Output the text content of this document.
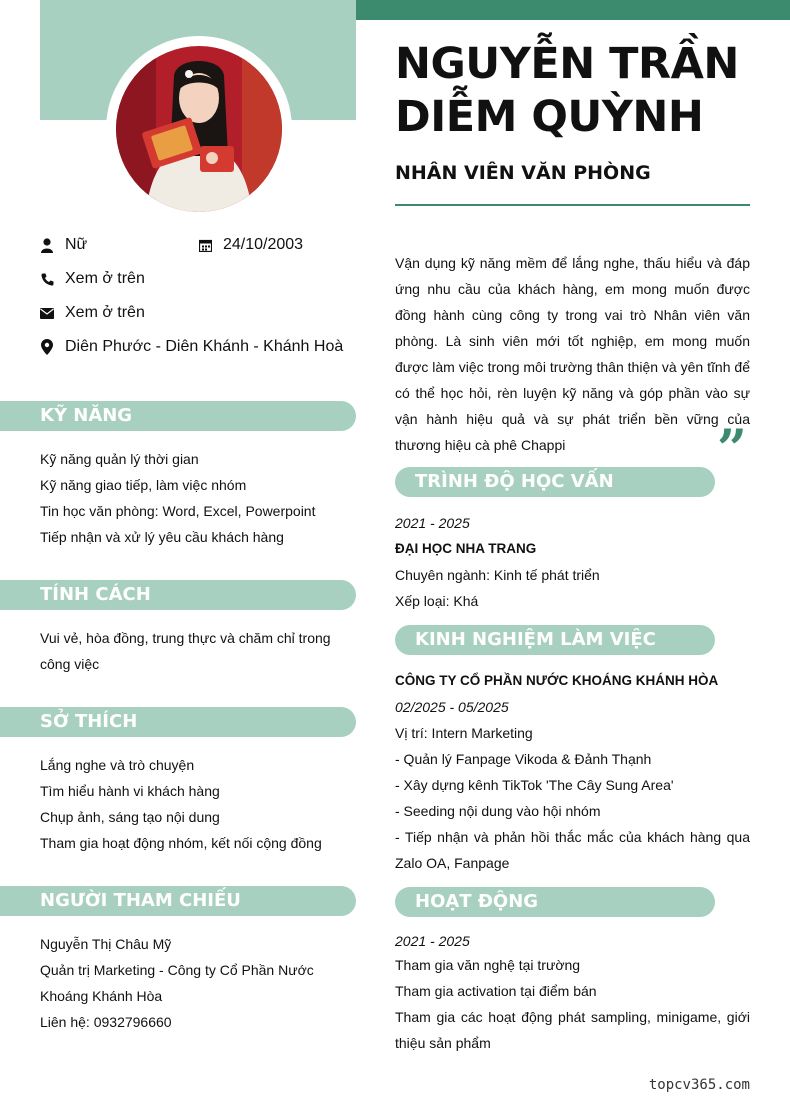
NGUYỄN TRẦN
DIỄM QUỲNH
NHÂN VIÊN VĂN PHÒNG
Nữ	24/10/2003
Xem ở trên
Xem ở trên
Diên Phước - Diên Khánh - Khánh Hoà
KỸ NĂNG
Kỹ năng quản lý thời gian
Kỹ năng giao tiếp, làm việc nhóm
Tin học văn phòng: Word, Excel, Powerpoint
Tiếp nhận và xử lý yêu cầu khách hàng
TÍNH CÁCH
Vui vẻ, hòa đồng, trung thực và chăm chỉ trong công việc
SỞ THÍCH
Lắng nghe và trò chuyện
Tìm hiểu hành vi khách hàng
Chụp ảnh, sáng tạo nội dung
Tham gia hoạt động nhóm, kết nối cộng đồng
NGƯỜI THAM CHIẾU
Nguyễn Thị Châu Mỹ
Quản trị Marketing - Công ty Cổ Phần Nước Khoáng Khánh Hòa
Liên hệ: 0932796660
Vận dụng kỹ năng mềm để lắng nghe, thấu hiểu và đáp ứng nhu cầu của khách hàng, em mong muốn được đồng hành cùng công ty trong vai trò Nhân viên văn phòng. Là sinh viên mới tốt nghiệp, em mong muốn được làm việc trong môi trường thân thiện và yên tĩnh để có thể học hỏi, rèn luyện kỹ năng và góp phần vào sự vận hành hiệu quả và sự phát triển bền vững của thương hiệu cà phê Chappi	”
TRÌNH ĐỘ HỌC VẤN
2021 - 2025
ĐẠI HỌC NHA TRANG
Chuyên ngành: Kinh tế phát triển
Xếp loại: Khá
KINH NGHIỆM LÀM VIỆC
CÔNG TY CỔ PHẦN NƯỚC KHOÁNG KHÁNH HÒA
02/2025 - 05/2025
Vị trí: Intern Marketing
- Quản lý Fanpage Vikoda & Đảnh Thạnh
- Xây dựng kênh TikTok 'The Cây Sung Area'
- Seeding nội dung vào hội nhóm
- Tiếp nhận và phản hồi thắc mắc của khách hàng qua Zalo OA, Fanpage
HOẠT ĐỘNG
2021 - 2025
Tham gia văn nghệ tại trường
Tham gia activation tại điểm bán
Tham gia các hoạt động phát sampling, minigame, giới thiệu sản phẩm
topcv365.com
